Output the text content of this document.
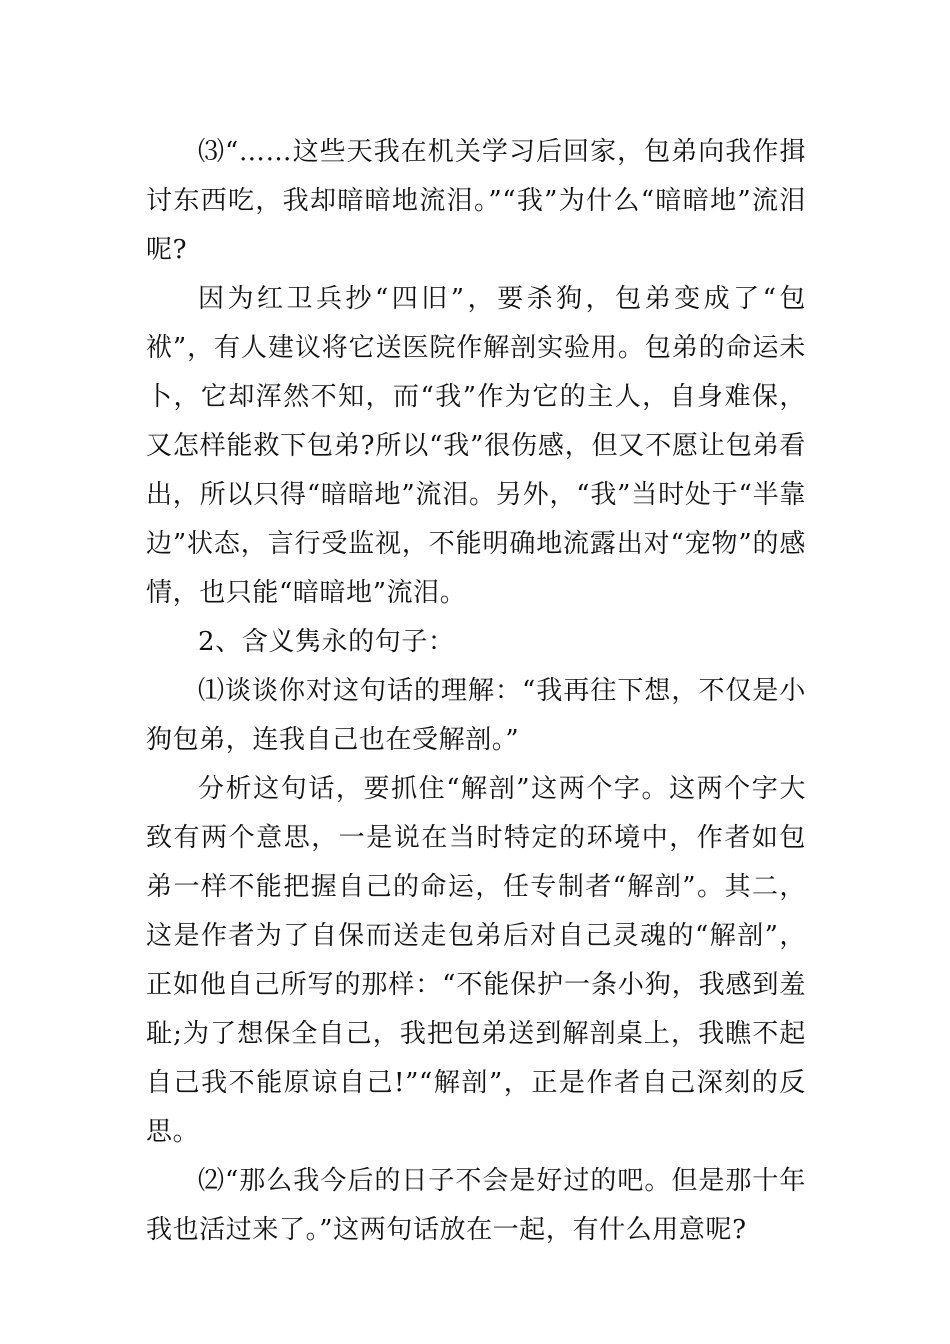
⑶“……这些天我在机关学习后回家，包弟向我作揖讨东西吃，我却暗暗地流泪。”“我”为什么“暗暗地”流泪呢?

因为红卫兵抄“四旧”，要杀狗，包弟变成了“包袱”，有人建议将它送医院作解剖实验用。包弟的命运未卜，它却浑然不知，而“我”作为它的主人，自身难保，又怎样能救下包弟?所以“我”很伤感，但又不愿让包弟看出，所以只得“暗暗地”流泪。另外，“我”当时处于“半靠边”状态，言行受监视，不能明确地流露出对“宠物”的感情，也只能“暗暗地”流泪。

2、含义隽永的句子：

⑴谈谈你对这句话的理解：“我再往下想，不仅是小狗包弟，连我自己也在受解剖。”

分析这句话，要抓住“解剖”这两个字。这两个字大致有两个意思，一是说在当时特定的环境中，作者如包弟一样不能把握自己的命运，任专制者“解剖”。其二，这是作者为了自保而送走包弟后对自己灵魂的“解剖”，正如他自己所写的那样：“不能保护一条小狗，我感到羞耻;为了想保全自己，我把包弟送到解剖桌上，我瞧不起自己我不能原谅自己!”“解剖”，正是作者自己深刻的反思。

⑵“那么我今后的日子不会是好过的吧。但是那十年我也活过来了。”这两句话放在一起，有什么用意呢?
